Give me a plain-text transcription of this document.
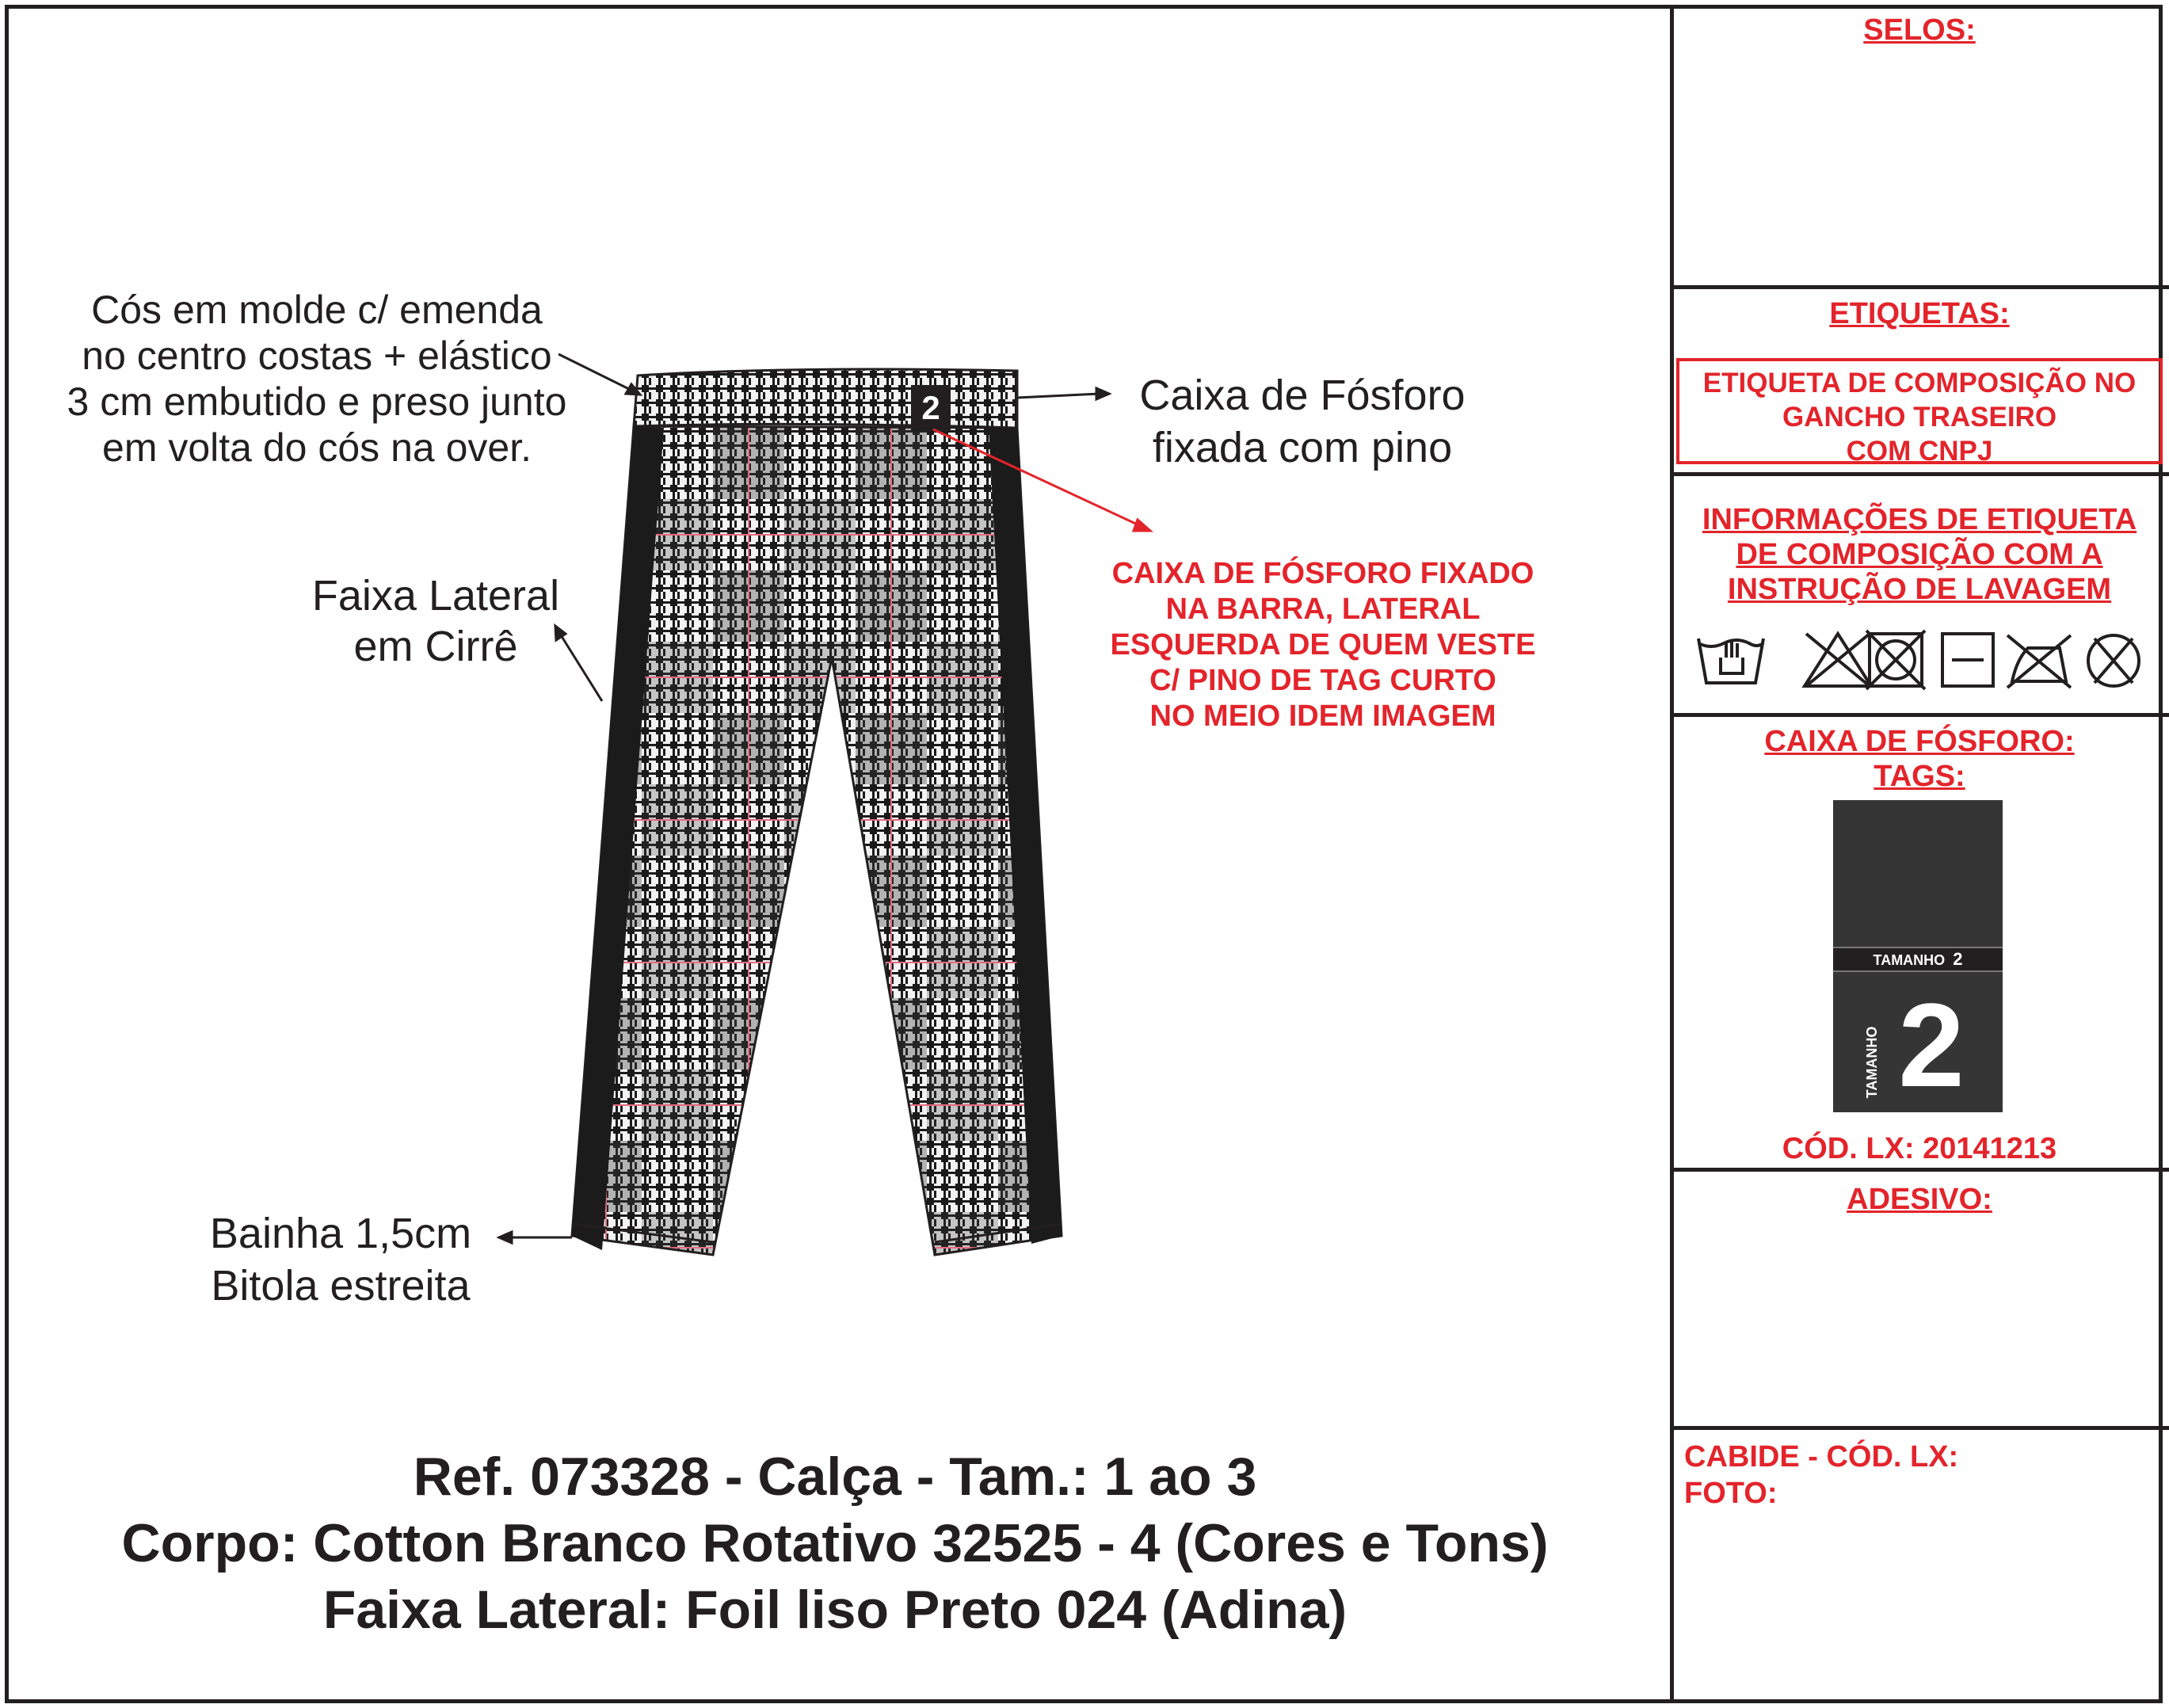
2
Cós em molde c/ emenda
no centro costas + elástico
3 cm embutido e preso junto
em volta do cós na over.
Caixa de Fósforo
fixada com pino
Faixa Lateral
em Cirrê
Bainha 1,5cm
Bitola estreita
CAIXA DE FÓSFORO FIXADO
NA BARRA, LATERAL
ESQUERDA DE QUEM VESTE
C/ PINO DE TAG CURTO
NO MEIO IDEM IMAGEM
SELOS:
ETIQUETAS:
ETIQUETA DE COMPOSIÇÃO NO
GANCHO TRASEIRO
COM CNPJ
INFORMAÇÕES DE ETIQUETA
DE COMPOSIÇÃO COM A
INSTRUÇÃO DE LAVAGEM
CAIXA DE FÓSFORO:
TAGS:
TAMANHO 2
TAMANHO 2
CÓD. LX: 20141213
ADESIVO:
CABIDE - CÓD. LX:
FOTO:
Ref. 073328 - Calça - Tam.: 1 ao 3
Corpo: Cotton Branco Rotativo 32525 - 4 (Cores e Tons)
Faixa Lateral: Foil liso Preto 024 (Adina)
